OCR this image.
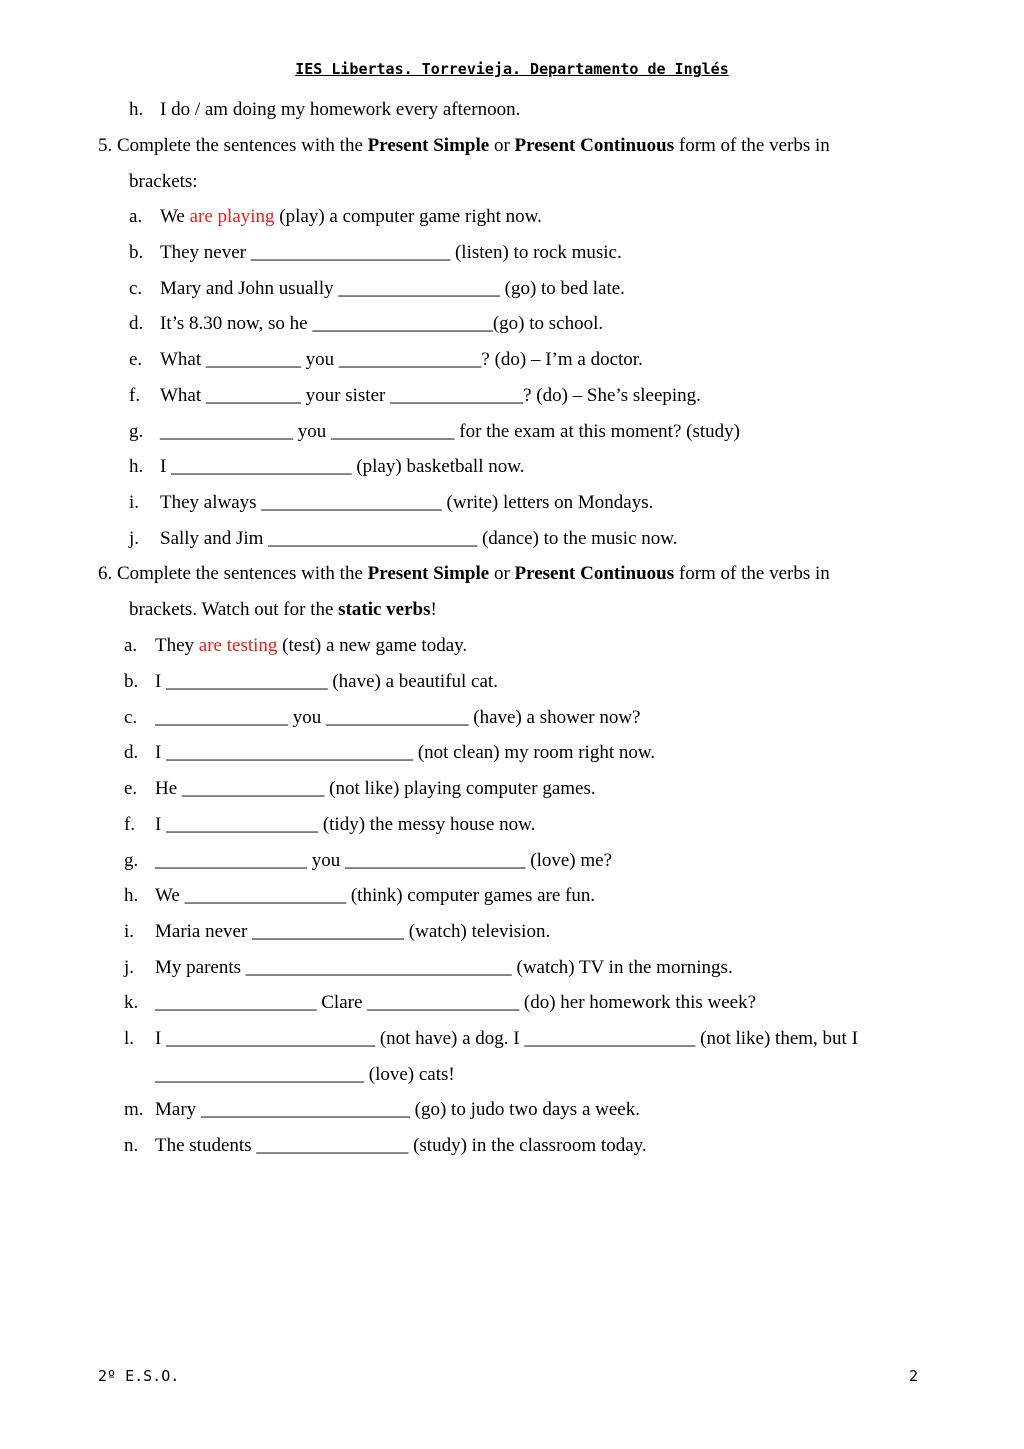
IES Libertas. Torrevieja. Departamento de Inglés
h. I do / am doing my homework every afternoon.
5. Complete the sentences with the Present Simple or Present Continuous form of the verbs in
brackets:
a. We are playing (play) a computer game right now.
b. They never _____________________ (listen) to rock music.
c. Mary and John usually _________________ (go) to bed late.
d. It’s 8.30 now, so he ___________________(go) to school.
e. What __________ you _______________? (do) – I’m a doctor.
f. What __________ your sister ______________? (do) – She’s sleeping.
g. ______________ you _____________ for the exam at this moment? (study)
h. I ___________________ (play) basketball now.
i. They always ___________________ (write) letters on Mondays.
j. Sally and Jim ______________________ (dance) to the music now.
6. Complete the sentences with the Present Simple or Present Continuous form of the verbs in
brackets. Watch out for the static verbs!
a. They are testing (test) a new game today.
b. I _________________ (have) a beautiful cat.
c. ______________ you _______________ (have) a shower now?
d. I __________________________ (not clean) my room right now.
e. He _______________ (not like) playing computer games.
f. I ________________ (tidy) the messy house now.
g. ________________ you ___________________ (love) me?
h. We _________________ (think) computer games are fun.
i. Maria never ________________ (watch) television.
j. My parents ____________________________ (watch) TV in the mornings.
k. _________________ Clare ________________ (do) her homework this week?
l. I ______________________ (not have) a dog. I __________________ (not like) them, but I
______________________ (love) cats!
m. Mary ______________________ (go) to judo two days a week.
n. The students ________________ (study) in the classroom today.
2º E.S.O.	2
